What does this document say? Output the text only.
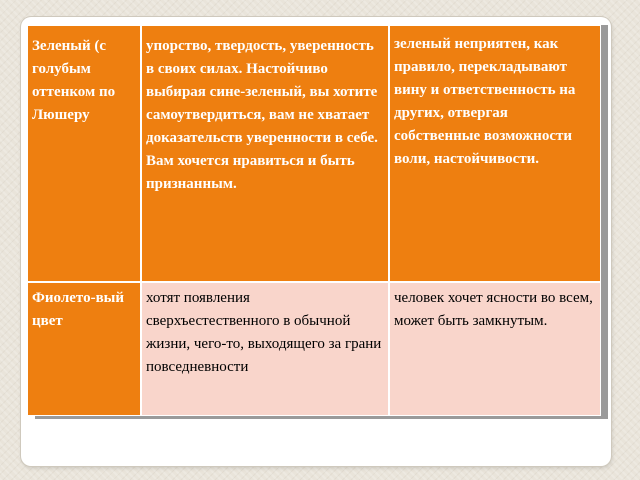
Зеленый (с голубым оттенком по Люшеру
Фиолето-вый цвет
упорство, твердость, уверенность в своих силах. Настойчиво выбирая сине-зеленый, вы хотите самоутвердиться, вам не хватает доказательств уверенности в себе. Вам хочется нравиться и быть признанным.
хотят появления сверхъестественного в обычной жизни, чего-то, выходящего за грани повседневности
зеленый неприятен, как правило, перекладывают вину и ответственность на других, отвергая собственные возможности воли, настойчивости.
человек хочет ясности во всем, может быть замкнутым.
